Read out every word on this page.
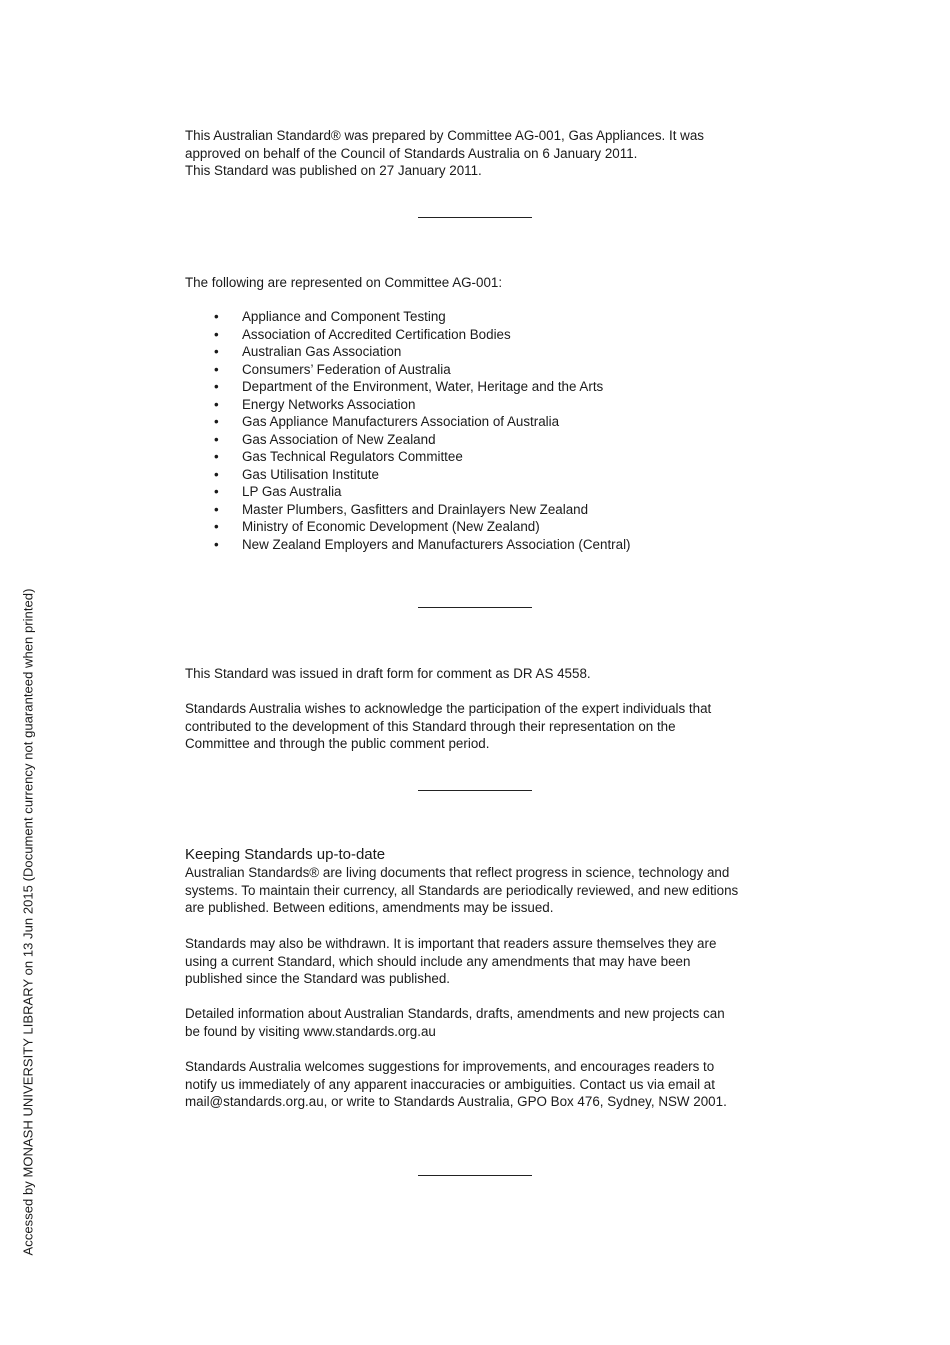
Accessed by MONASH UNIVERSITY LIBRARY on 13 Jun 2015 (Document currency not guaranteed when printed)

This Australian Standard® was prepared by Committee AG-001, Gas Appliances. It was

approved on behalf of the Council of Standards Australia on 6 January 2011.

This Standard was published on 27 January 2011.

The following are represented on Committee AG-001:
• Appliance and Component Testing
• Association of Accredited Certification Bodies
• Australian Gas Association
• Consumers’ Federation of Australia
• Department of the Environment, Water, Heritage and the Arts
• Energy Networks Association
• Gas Appliance Manufacturers Association of Australia
• Gas Association of New Zealand
• Gas Technical Regulators Committee
• Gas Utilisation Institute
• LP Gas Australia
• Master Plumbers, Gasfitters and Drainlayers New Zealand
• Ministry of Economic Development (New Zealand)
• New Zealand Employers and Manufacturers Association (Central)
This Standard was issued in draft form for comment as DR AS 4558.

Standards Australia wishes to acknowledge the participation of the expert individuals that

contributed to the development of this Standard through their representation on the

Committee and through the public comment period.

Keeping Standards up-to-date

Australian Standards® are living documents that reflect progress in science, technology and

systems. To maintain their currency, all Standards are periodically reviewed, and new editions

are published. Between editions, amendments may be issued.

Standards may also be withdrawn. It is important that readers assure themselves they are

using a current Standard, which should include any amendments that may have been

published since the Standard was published.

Detailed information about Australian Standards, drafts, amendments and new projects can

be found by visiting www.standards.org.au

Standards Australia welcomes suggestions for improvements, and encourages readers to

notify us immediately of any apparent inaccuracies or ambiguities. Contact us via email at

mail@standards.org.au, or write to Standards Australia, GPO Box 476, Sydney, NSW 2001.
